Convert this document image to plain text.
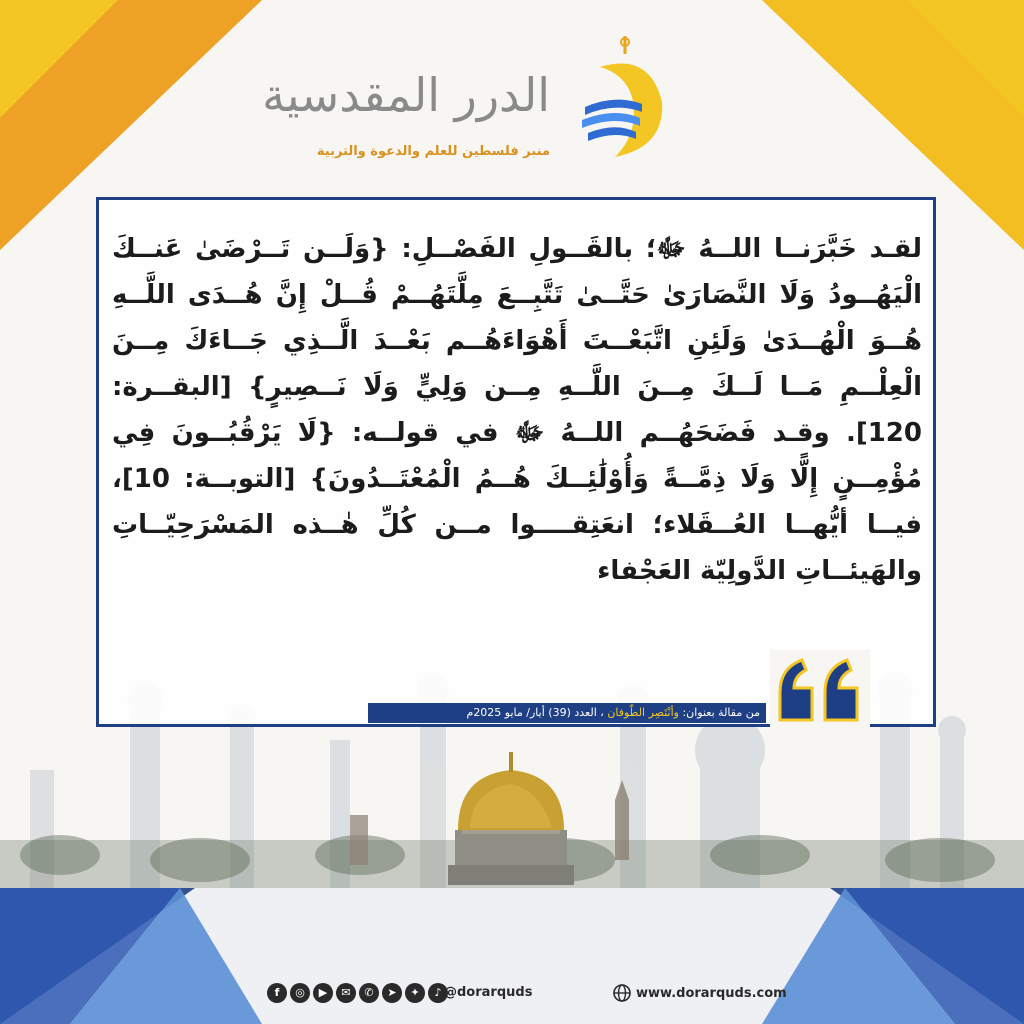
الدرر المقدسية
منبر فلسطين للعلم والدعوة والتربية
لقـد خَبَّرَنــا اللــهُ ﷻ؛ بالقَــولِ الفَصْــلِ: {وَلَــن تَــرْضَىٰ عَنــكَ الْيَهُــودُ وَلَا النَّصَارَىٰ حَتَّــىٰ تَتَّبِــعَ مِلَّتَهُــمْ قُــلْ إِنَّ هُــدَى اللَّــهِ هُــوَ الْهُــدَىٰ وَلَئِنِ اتَّبَعْــتَ أَهْوَاءَهُــم بَعْــدَ الَّــذِي جَــاءَكَ مِــنَ الْعِلْــمِ مَــا لَــكَ مِــنَ اللَّــهِ مِــن وَلِيٍّ وَلَا نَــصِيرٍ} [البقــرة: 120]. وقـد فَضَحَهُــم اللــهُ ﷻ في قولــه: {لَا يَرْقُبُــونَ فِي مُؤْمِــنٍ إِلًّا وَلَا ذِمَّــةً وَأُوْلَٰئِــكَ هُــمُ الْمُعْتَــدُونَ} [التوبــة: 10]، فيــا أيُّهــا العُــقَلاء؛ انعَتِقــــوا مــن كُلِّ هٰــذه المَسْرَحِيّــاتِ والهَيئــاتِ الدَّولِيّة العَجْفاء
من مقالة بعنوان: وأنْتَصِر الطّوفان ، العدد (39) أيار/ مايو 2025م
f	◎	▶	✉	✆	➤	✦	♪ @dorarquds	www.dorarquds.com
